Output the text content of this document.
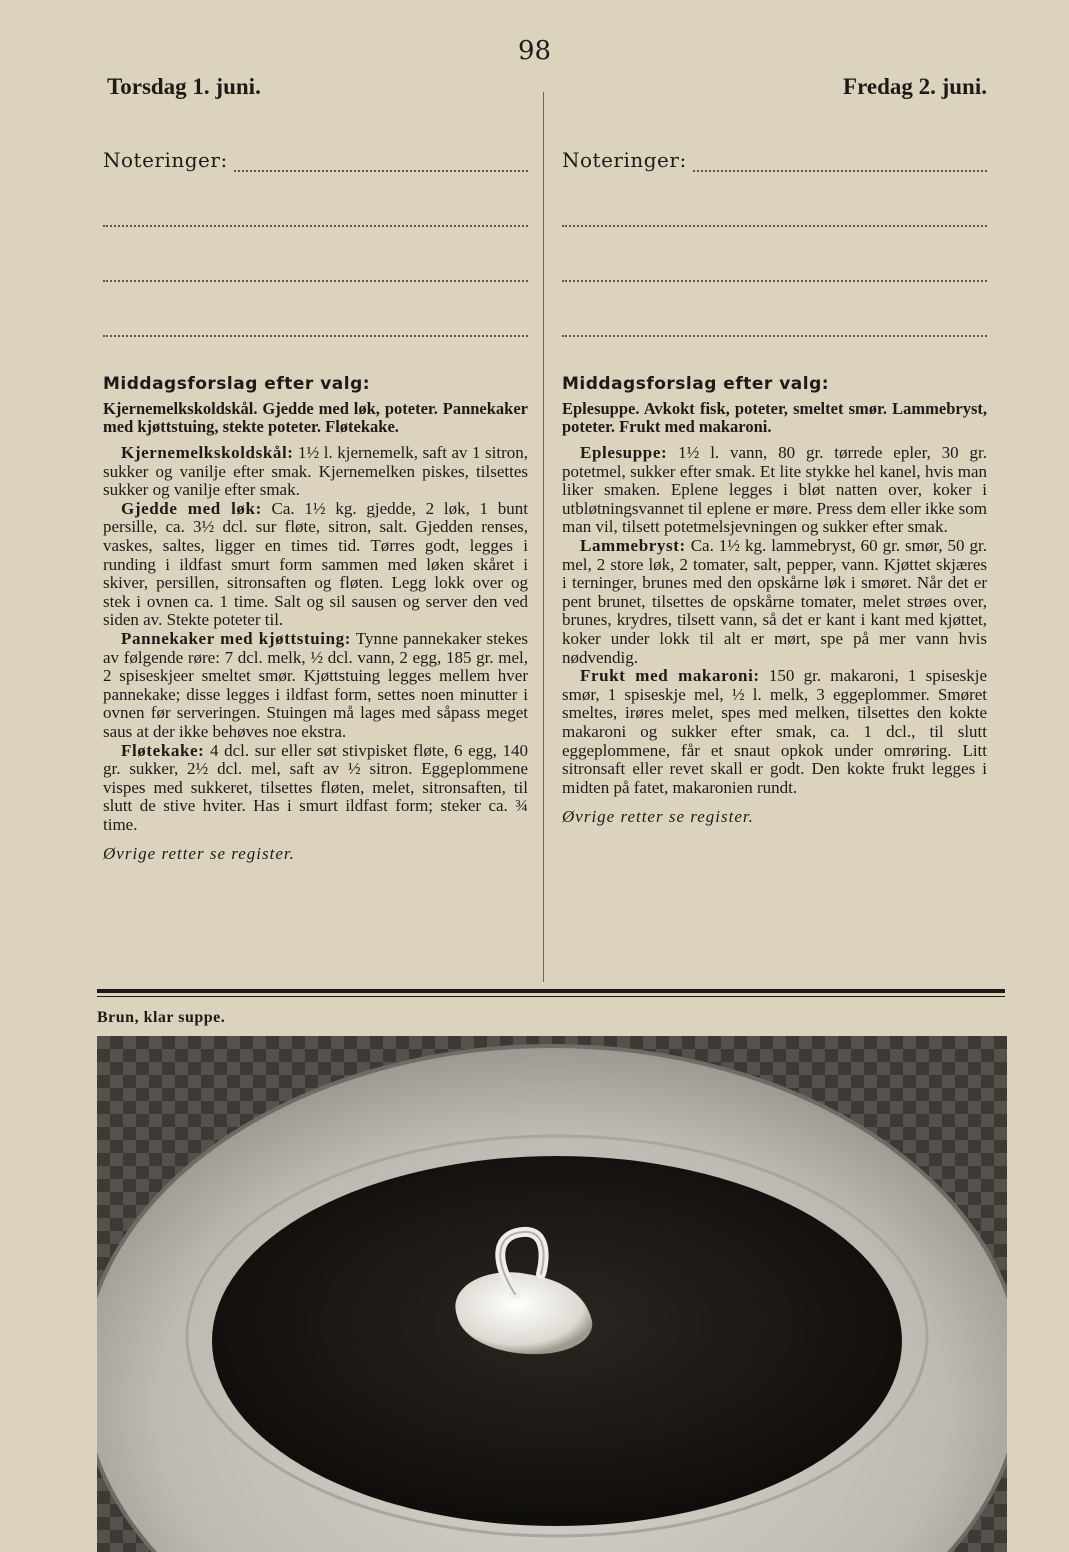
98
Torsdag 1. juni.	Fredag 2. juni.
Noteringer:
Middagsforslag efter valg:
Kjernemelkskoldskål. Gjedde med løk, poteter. Pannekaker med kjøttstuing, stekte poteter. Fløtekake.

Kjernemelkskoldskål: 1½ l. kjernemelk, saft av 1 sitron, sukker og vanilje efter smak. Kjernemelken piskes, tilsettes sukker og vanilje efter smak.

Gjedde med løk: Ca. 1½ kg. gjedde, 2 løk, 1 bunt persille, ca. 3½ dcl. sur fløte, sitron, salt. Gjedden renses, vaskes, saltes, ligger en times tid. Tørres godt, legges i runding i ildfast smurt form sammen med løken skåret i skiver, persillen, sitronsaften og fløten. Legg lokk over og stek i ovnen ca. 1 time. Salt og sil sausen og server den ved siden av. Stekte poteter til.

Pannekaker med kjøttstuing: Tynne pannekaker stekes av følgende røre: 7 dcl. melk, ½ dcl. vann, 2 egg, 185 gr. mel, 2 spiseskjeer smeltet smør. Kjøttstuing legges mellem hver pannekake; disse legges i ildfast form, settes noen minutter i ovnen før serveringen. Stuingen må lages med såpass meget saus at der ikke behøves noe ekstra.

Fløtekake: 4 dcl. sur eller søt stivpisket fløte, 6 egg, 140 gr. sukker, 2½ dcl. mel, saft av ½ sitron. Eggeplommene vispes med sukkeret, tilsettes fløten, melet, sitronsaften, til slutt de stive hviter. Has i smurt ildfast form; steker ca. ¾ time.

Øvrige retter se register.
Noteringer:
Middagsforslag efter valg:
Eplesuppe. Avkokt fisk, poteter, smeltet smør. Lammebryst, poteter. Frukt med makaroni.

Eplesuppe: 1½ l. vann, 80 gr. tørrede epler, 30 gr. potetmel, sukker efter smak. Et lite stykke hel kanel, hvis man liker smaken. Eplene legges i bløt natten over, koker i utbløtningsvannet til eplene er møre. Press dem eller ikke som man vil, tilsett potetmelsjevningen og sukker efter smak.

Lammebryst: Ca. 1½ kg. lammebryst, 60 gr. smør, 50 gr. mel, 2 store løk, 2 tomater, salt, pepper, vann. Kjøttet skjæres i terninger, brunes med den opskårne løk i smøret. Når det er pent brunet, tilsettes de opskårne tomater, melet strøes over, brunes, krydres, tilsett vann, så det er kant i kant med kjøttet, koker under lokk til alt er mørt, spe på mer vann hvis nødvendig.

Frukt med makaroni: 150 gr. makaroni, 1 spiseskje smør, 1 spiseskje mel, ½ l. melk, 3 eggeplommer. Smøret smeltes, irøres melet, spes med melken, tilsettes den kokte makaroni og sukker efter smak, ca. 1 dcl., til slutt eggeplommene, får et snaut opkok under omrøring. Litt sitronsaft eller revet skall er godt. Den kokte frukt legges i midten på fatet, makaronien rundt.

Øvrige retter se register.
Brun, klar suppe.
